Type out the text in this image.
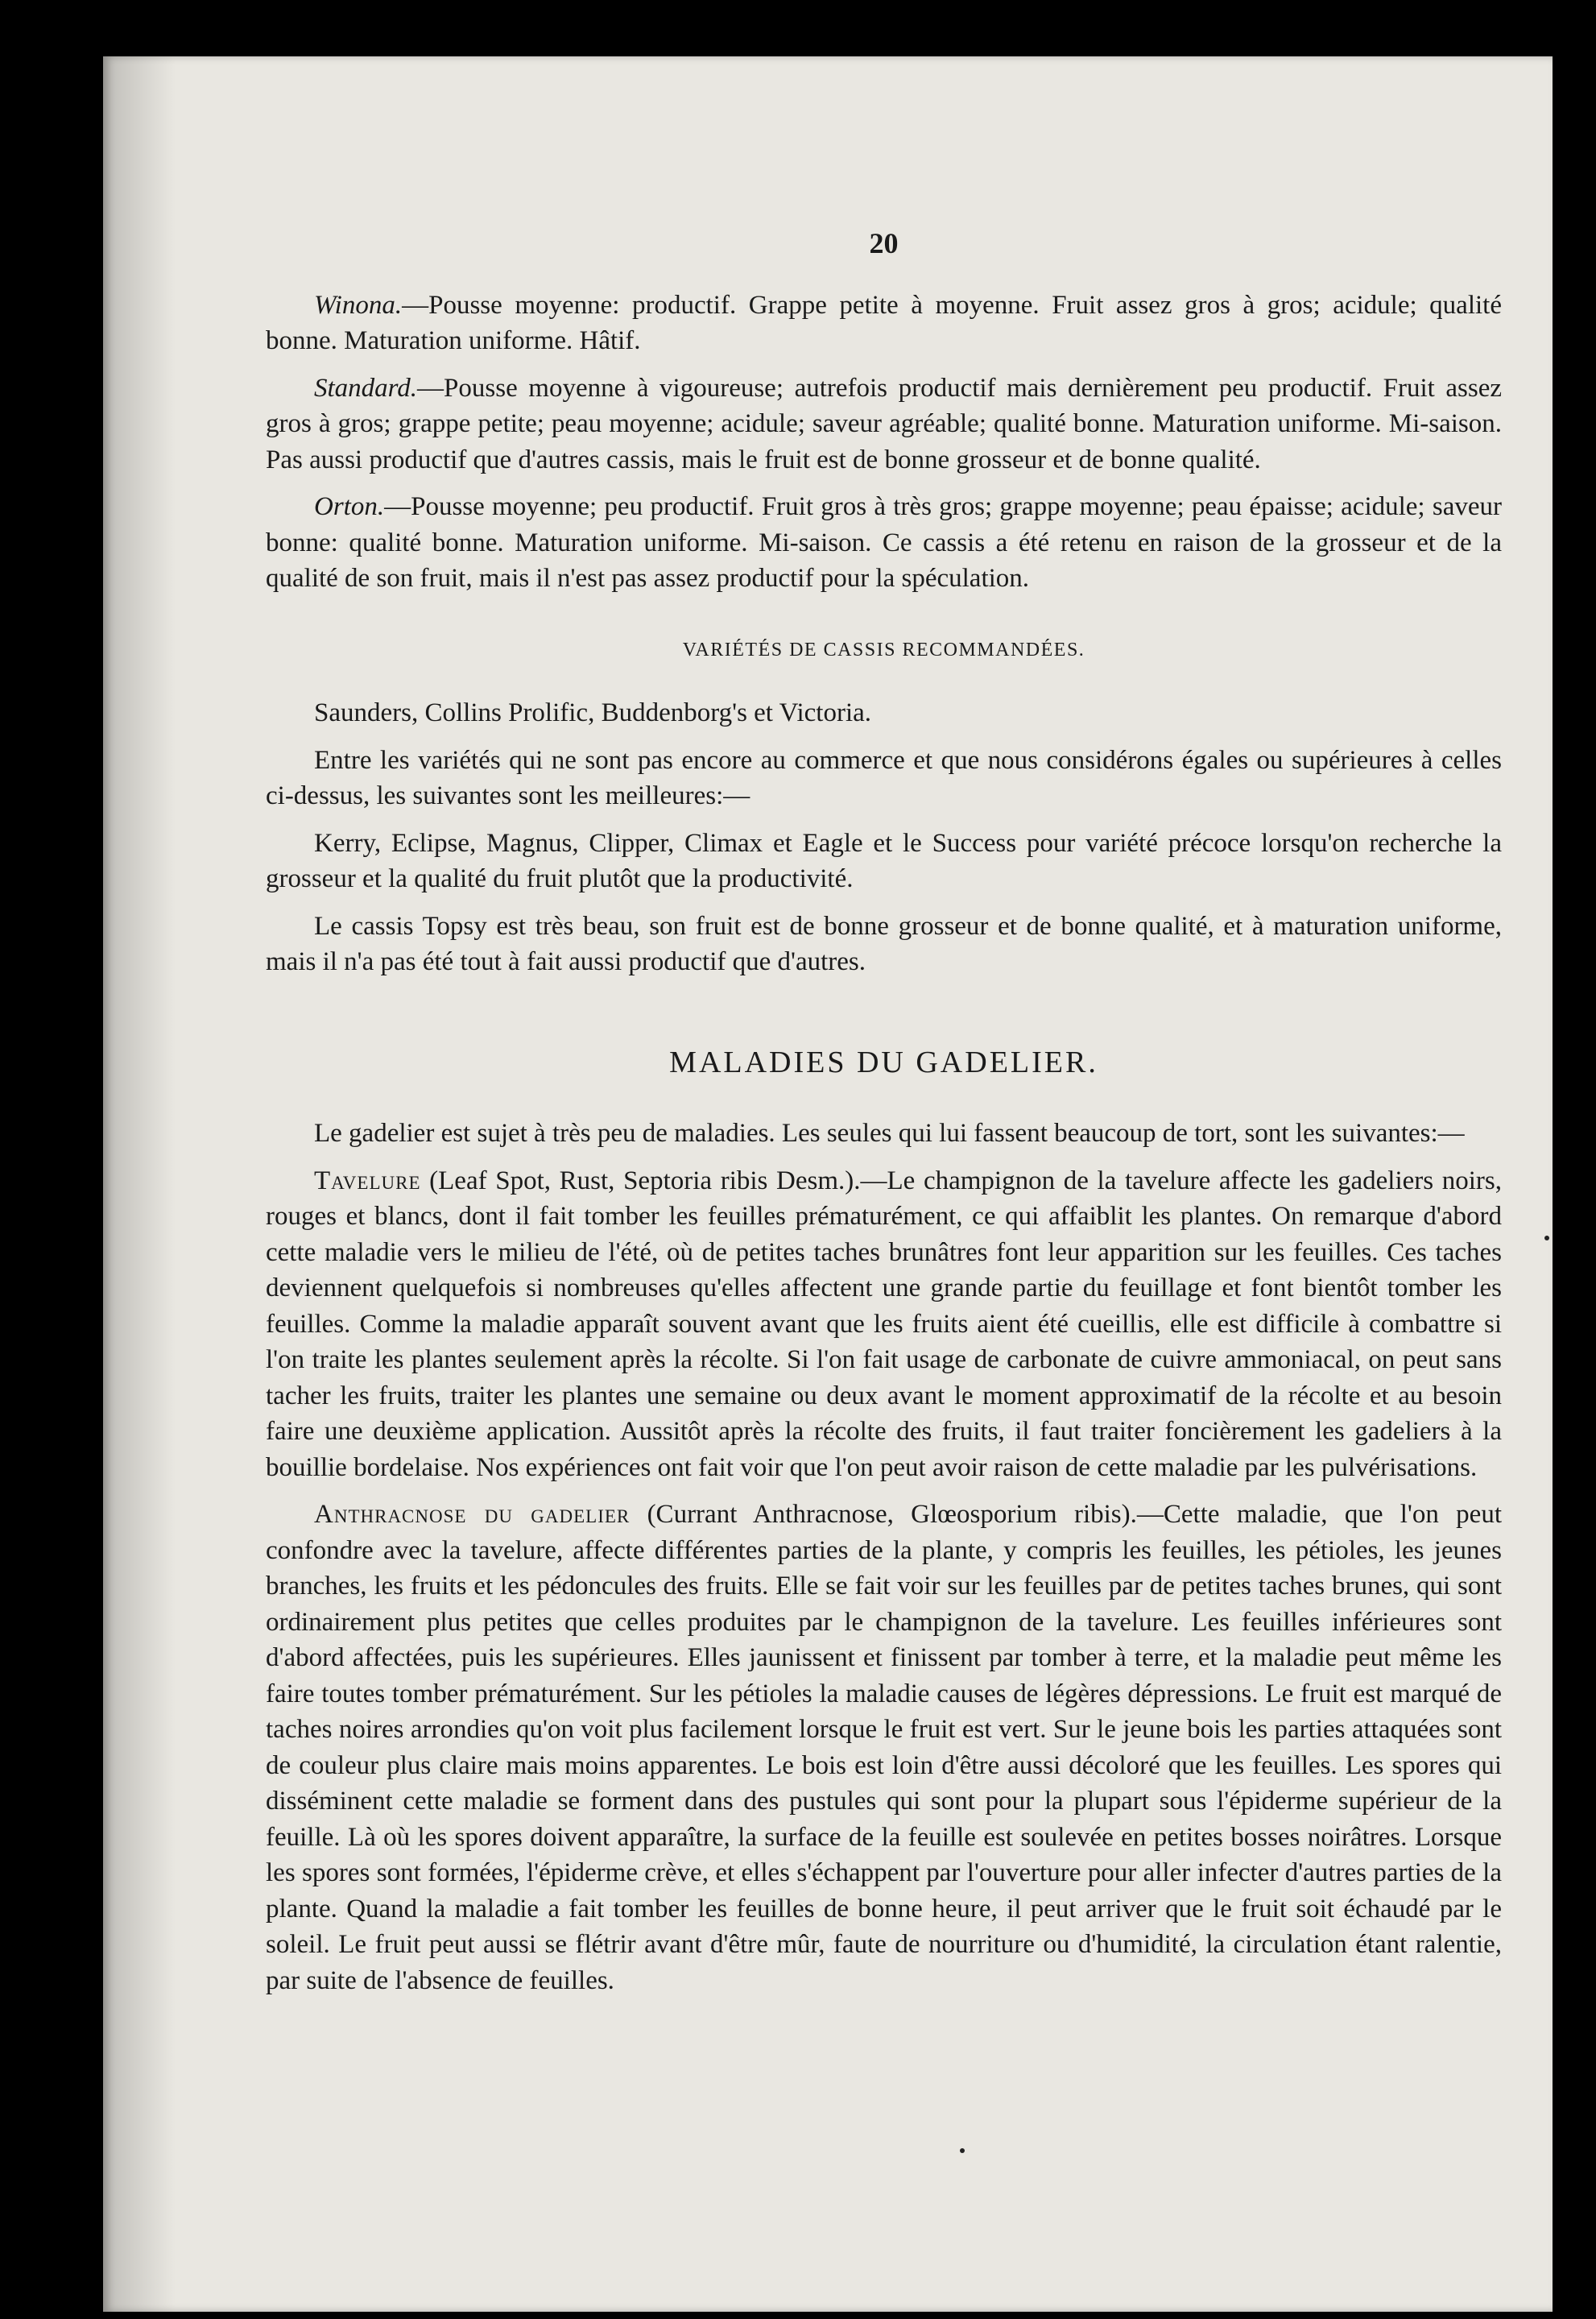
20

Winona.—Pousse moyenne: productif. Grappe petite à moyenne. Fruit assez gros à gros; acidule; qualité bonne. Maturation uniforme. Hâtif.

Standard.—Pousse moyenne à vigoureuse; autrefois productif mais dernièrement peu productif. Fruit assez gros à gros; grappe petite; peau moyenne; acidule; saveur agréable; qualité bonne. Maturation uniforme. Mi-saison. Pas aussi productif que d'autres cassis, mais le fruit est de bonne grosseur et de bonne qualité.

Orton.—Pousse moyenne; peu productif. Fruit gros à très gros; grappe moyenne; peau épaisse; acidule; saveur bonne: qualité bonne. Maturation uniforme. Mi-saison. Ce cassis a été retenu en raison de la grosseur et de la qualité de son fruit, mais il n'est pas assez productif pour la spéculation.

VARIÉTÉS DE CASSIS RECOMMANDÉES.

Saunders, Collins Prolific, Buddenborg's et Victoria.

Entre les variétés qui ne sont pas encore au commerce et que nous considérons égales ou supérieures à celles ci-dessus, les suivantes sont les meilleures:—

Kerry, Eclipse, Magnus, Clipper, Climax et Eagle et le Success pour variété précoce lorsqu'on recherche la grosseur et la qualité du fruit plutôt que la productivité.

Le cassis Topsy est très beau, son fruit est de bonne grosseur et de bonne qualité, et à maturation uniforme, mais il n'a pas été tout à fait aussi productif que d'autres.

MALADIES DU GADELIER.

Le gadelier est sujet à très peu de maladies. Les seules qui lui fassent beaucoup de tort, sont les suivantes:—

Tavelure (Leaf Spot, Rust, Septoria ribis Desm.).—Le champignon de la tavelure affecte les gadeliers noirs, rouges et blancs, dont il fait tomber les feuilles prématurément, ce qui affaiblit les plantes. On remarque d'abord cette maladie vers le milieu de l'été, où de petites taches brunâtres font leur apparition sur les feuilles. Ces taches deviennent quelquefois si nombreuses qu'elles affectent une grande partie du feuillage et font bientôt tomber les feuilles. Comme la maladie apparaît souvent avant que les fruits aient été cueillis, elle est difficile à combattre si l'on traite les plantes seulement après la récolte. Si l'on fait usage de carbonate de cuivre ammoniacal, on peut sans tacher les fruits, traiter les plantes une semaine ou deux avant le moment approximatif de la récolte et au besoin faire une deuxième application. Aussitôt après la récolte des fruits, il faut traiter foncièrement les gadeliers à la bouillie bordelaise. Nos expériences ont fait voir que l'on peut avoir raison de cette maladie par les pulvérisations.

Anthracnose du gadelier (Currant Anthracnose, Glœosporium ribis).—Cette maladie, que l'on peut confondre avec la tavelure, affecte différentes parties de la plante, y compris les feuilles, les pétioles, les jeunes branches, les fruits et les pédoncules des fruits. Elle se fait voir sur les feuilles par de petites taches brunes, qui sont ordinairement plus petites que celles produites par le champignon de la tavelure. Les feuilles inférieures sont d'abord affectées, puis les supérieures. Elles jaunissent et finissent par tomber à terre, et la maladie peut même les faire toutes tomber prématurément. Sur les pétioles la maladie causes de légères dépressions. Le fruit est marqué de taches noires arrondies qu'on voit plus facilement lorsque le fruit est vert. Sur le jeune bois les parties attaquées sont de couleur plus claire mais moins apparentes. Le bois est loin d'être aussi décoloré que les feuilles. Les spores qui disséminent cette maladie se forment dans des pustules qui sont pour la plupart sous l'épiderme supérieur de la feuille. Là où les spores doivent apparaître, la surface de la feuille est soulevée en petites bosses noirâtres. Lorsque les spores sont formées, l'épiderme crève, et elles s'échappent par l'ouverture pour aller infecter d'autres parties de la plante. Quand la maladie a fait tomber les feuilles de bonne heure, il peut arriver que le fruit soit échaudé par le soleil. Le fruit peut aussi se flétrir avant d'être mûr, faute de nourriture ou d'humidité, la circulation étant ralentie, par suite de l'absence de feuilles.
